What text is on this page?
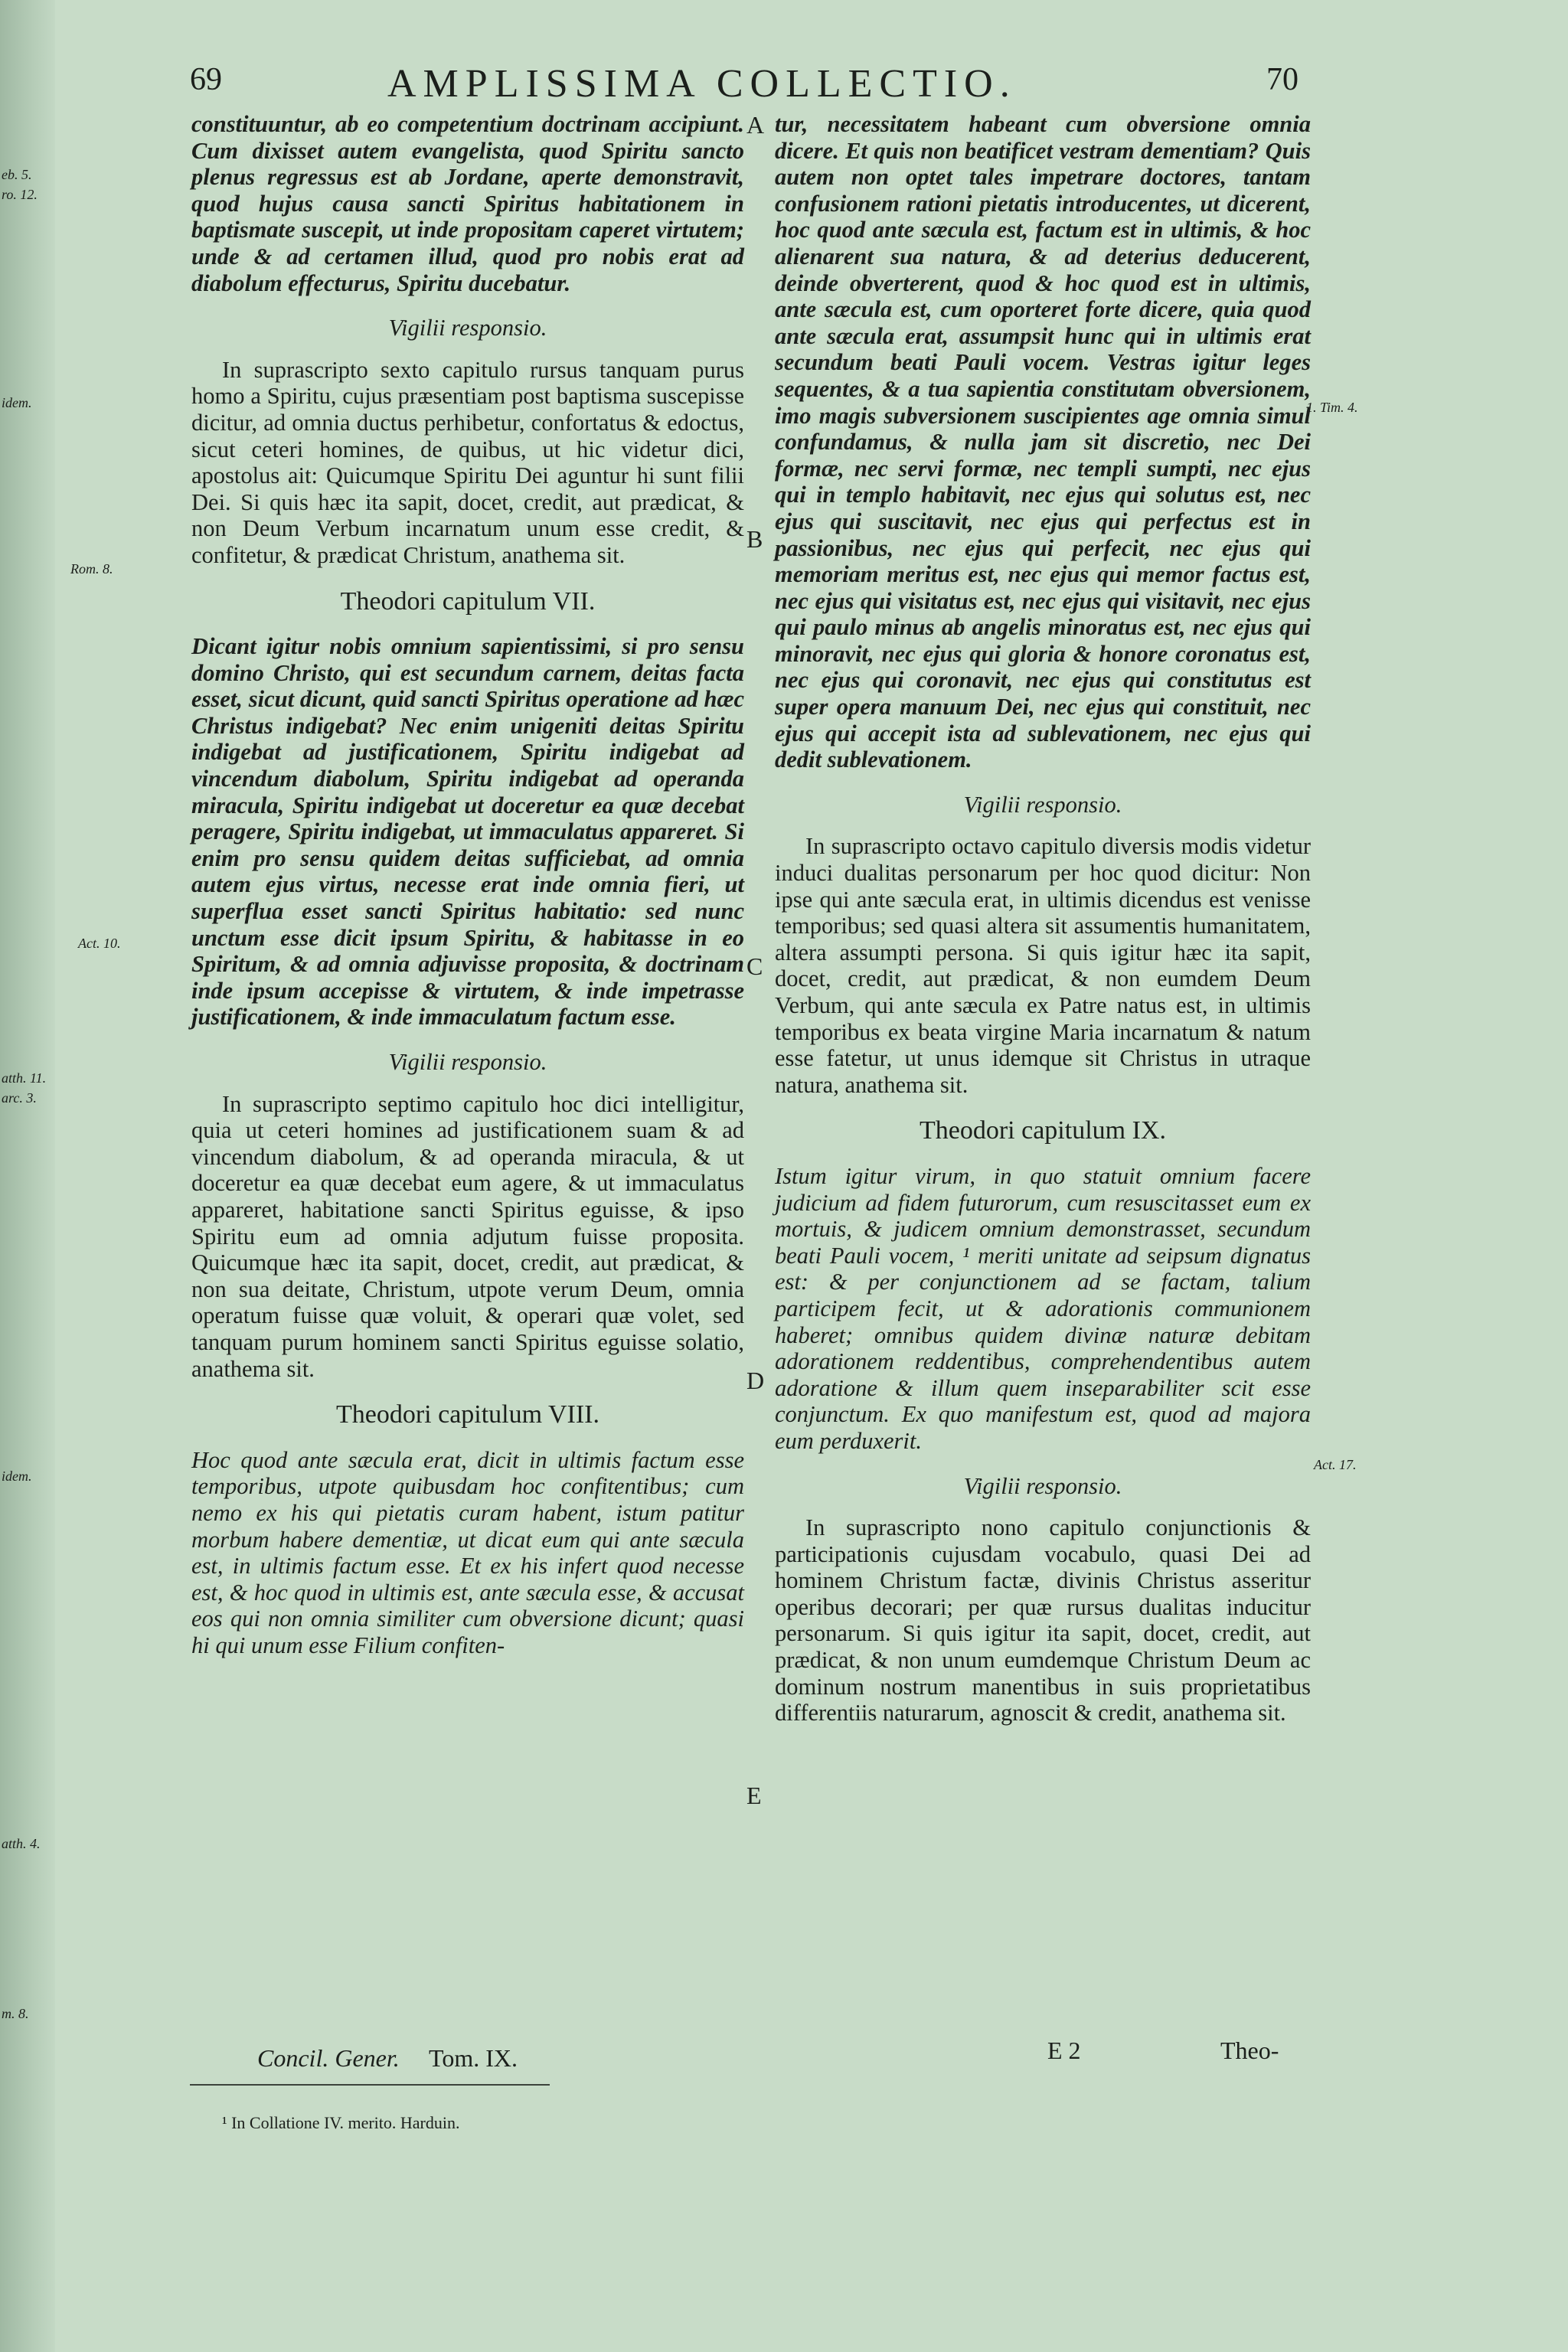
69	AMPLISSIMA COLLECTIO.	70
eb. 5.
ro. 12.
idem.
Rom. 8.
Act. 10.
atth. 11.
arc. 3.
idem.
atth. 4.
m. 8.
1. Tim. 4.
Act. 17.
A
B
C
D
E

constituuntur, ab eo competentium doctrinam accipiunt. Cum dixisset autem evangelista, quod Spiritu sancto plenus regressus est ab Jordane, aperte demonstravit, quod hujus causa sancti Spiritus habitationem in baptismate suscepit, ut inde propositam caperet virtutem; unde & ad certamen illud, quod pro nobis erat ad diabolum effecturus, Spiritu ducebatur.

Vigilii responsio.

In suprascripto sexto capitulo rursus tanquam purus homo a Spiritu, cujus præsentiam post baptisma suscepisse dicitur, ad omnia ductus perhibetur, confortatus & edoctus, sicut ceteri homines, de quibus, ut hic videtur dici, apostolus ait: Quicumque Spiritu Dei aguntur hi sunt filii Dei. Si quis hæc ita sapit, docet, credit, aut prædicat, & non Deum Verbum incarnatum unum esse credit, & confitetur, & prædicat Christum, anathema sit.

Theodori capitulum VII.

Dicant igitur nobis omnium sapientissimi, si pro sensu domino Christo, qui est secundum carnem, deitas facta esset, sicut dicunt, quid sancti Spiritus operatione ad hæc Christus indigebat? Nec enim unigeniti deitas Spiritu indigebat ad justificationem, Spiritu indigebat ad vincendum diabolum, Spiritu indigebat ad operanda miracula, Spiritu indigebat ut doceretur ea quæ decebat peragere, Spiritu indigebat, ut immaculatus appareret. Si enim pro sensu quidem deitas sufficiebat, ad omnia autem ejus virtus, necesse erat inde omnia fieri, ut superflua esset sancti Spiritus habitatio: sed nunc unctum esse dicit ipsum Spiritu, & habitasse in eo Spiritum, & ad omnia adjuvisse proposita, & doctrinam inde ipsum accepisse & virtutem, & inde impetrasse justificationem, & inde immaculatum factum esse.

Vigilii responsio.

In suprascripto septimo capitulo hoc dici intelligitur, quia ut ceteri homines ad justificationem suam & ad vincendum diabolum, & ad operanda miracula, & ut doceretur ea quæ decebat eum agere, & ut immaculatus appareret, habitatione sancti Spiritus eguisse, & ipso Spiritu eum ad omnia adjutum fuisse proposita. Quicumque hæc ita sapit, docet, credit, aut prædicat, & non sua deitate, Christum, utpote verum Deum, omnia operatum fuisse quæ voluit, & operari quæ volet, sed tanquam purum hominem sancti Spiritus eguisse solatio, anathema sit.

Theodori capitulum VIII.

Hoc quod ante sæcula erat, dicit in ultimis factum esse temporibus, utpote quibusdam hoc confitentibus; cum nemo ex his qui pietatis curam habent, istum patitur morbum habere dementiæ, ut dicat eum qui ante sæcula est, in ultimis factum esse. Et ex his infert quod necesse est, & hoc quod in ultimis est, ante sæcula esse, & accusat eos qui non omnia similiter cum obversione dicunt; quasi hi qui unum esse Filium confiten-

tur, necessitatem habeant cum obversione omnia dicere. Et quis non beatificet vestram dementiam? Quis autem non optet tales impetrare doctores, tantam confusionem rationi pietatis introducentes, ut dicerent, hoc quod ante sæcula est, factum est in ultimis, & hoc alienarent sua natura, & ad deterius deducerent, deinde obverterent, quod & hoc quod est in ultimis, ante sæcula est, cum oporteret forte dicere, quia quod ante sæcula erat, assumpsit hunc qui in ultimis erat secundum beati Pauli vocem. Vestras igitur leges sequentes, & a tua sapientia constitutam obversionem, imo magis subversionem suscipientes age omnia simul confundamus, & nulla jam sit discretio, nec Dei formæ, nec servi formæ, nec templi sumpti, nec ejus qui in templo habitavit, nec ejus qui solutus est, nec ejus qui suscitavit, nec ejus qui perfectus est in passionibus, nec ejus qui perfecit, nec ejus qui memoriam meritus est, nec ejus qui memor factus est, nec ejus qui visitatus est, nec ejus qui visitavit, nec ejus qui paulo minus ab angelis minoratus est, nec ejus qui minoravit, nec ejus qui gloria & honore coronatus est, nec ejus qui coronavit, nec ejus qui constitutus est super opera manuum Dei, nec ejus qui constituit, nec ejus qui accepit ista ad sublevationem, nec ejus qui dedit sublevationem.

Vigilii responsio.

In suprascripto octavo capitulo diversis modis videtur induci dualitas personarum per hoc quod dicitur: Non ipse qui ante sæcula erat, in ultimis dicendus est venisse temporibus; sed quasi altera sit assumentis humanitatem, altera assumpti persona. Si quis igitur hæc ita sapit, docet, credit, aut prædicat, & non eumdem Deum Verbum, qui ante sæcula ex Patre natus est, in ultimis temporibus ex beata virgine Maria incarnatum & natum esse fatetur, ut unus idemque sit Christus in utraque natura, anathema sit.

Theodori capitulum IX.

Istum igitur virum, in quo statuit omnium facere judicium ad fidem futurorum, cum resuscitasset eum ex mortuis, & judicem omnium demonstrasset, secundum beati Pauli vocem, ¹ meriti unitate ad seipsum dignatus est: & per conjunctionem ad se factam, talium participem fecit, ut & adorationis communionem haberet; omnibus quidem divinæ naturæ debitam adorationem reddentibus, comprehendentibus autem adoratione & illum quem inseparabiliter scit esse conjunctum. Ex quo manifestum est, quod ad majora eum perduxerit.

Vigilii responsio.

In suprascripto nono capitulo conjunctionis & participationis cujusdam vocabulo, quasi Dei ad hominem Christum factæ, divinis Christus asseritur operibus decorari; per quæ rursus dualitas inducitur personarum. Si quis igitur ita sapit, docet, credit, aut prædicat, & non unum eumdemque Christum Deum ac dominum nostrum manentibus in suis proprietatibus differentiis naturarum, agnoscit & credit, anathema sit.

Concil. Gener. Tom. IX.	E 2	Theo-
¹ In Collatione IV. merito. Harduin.
